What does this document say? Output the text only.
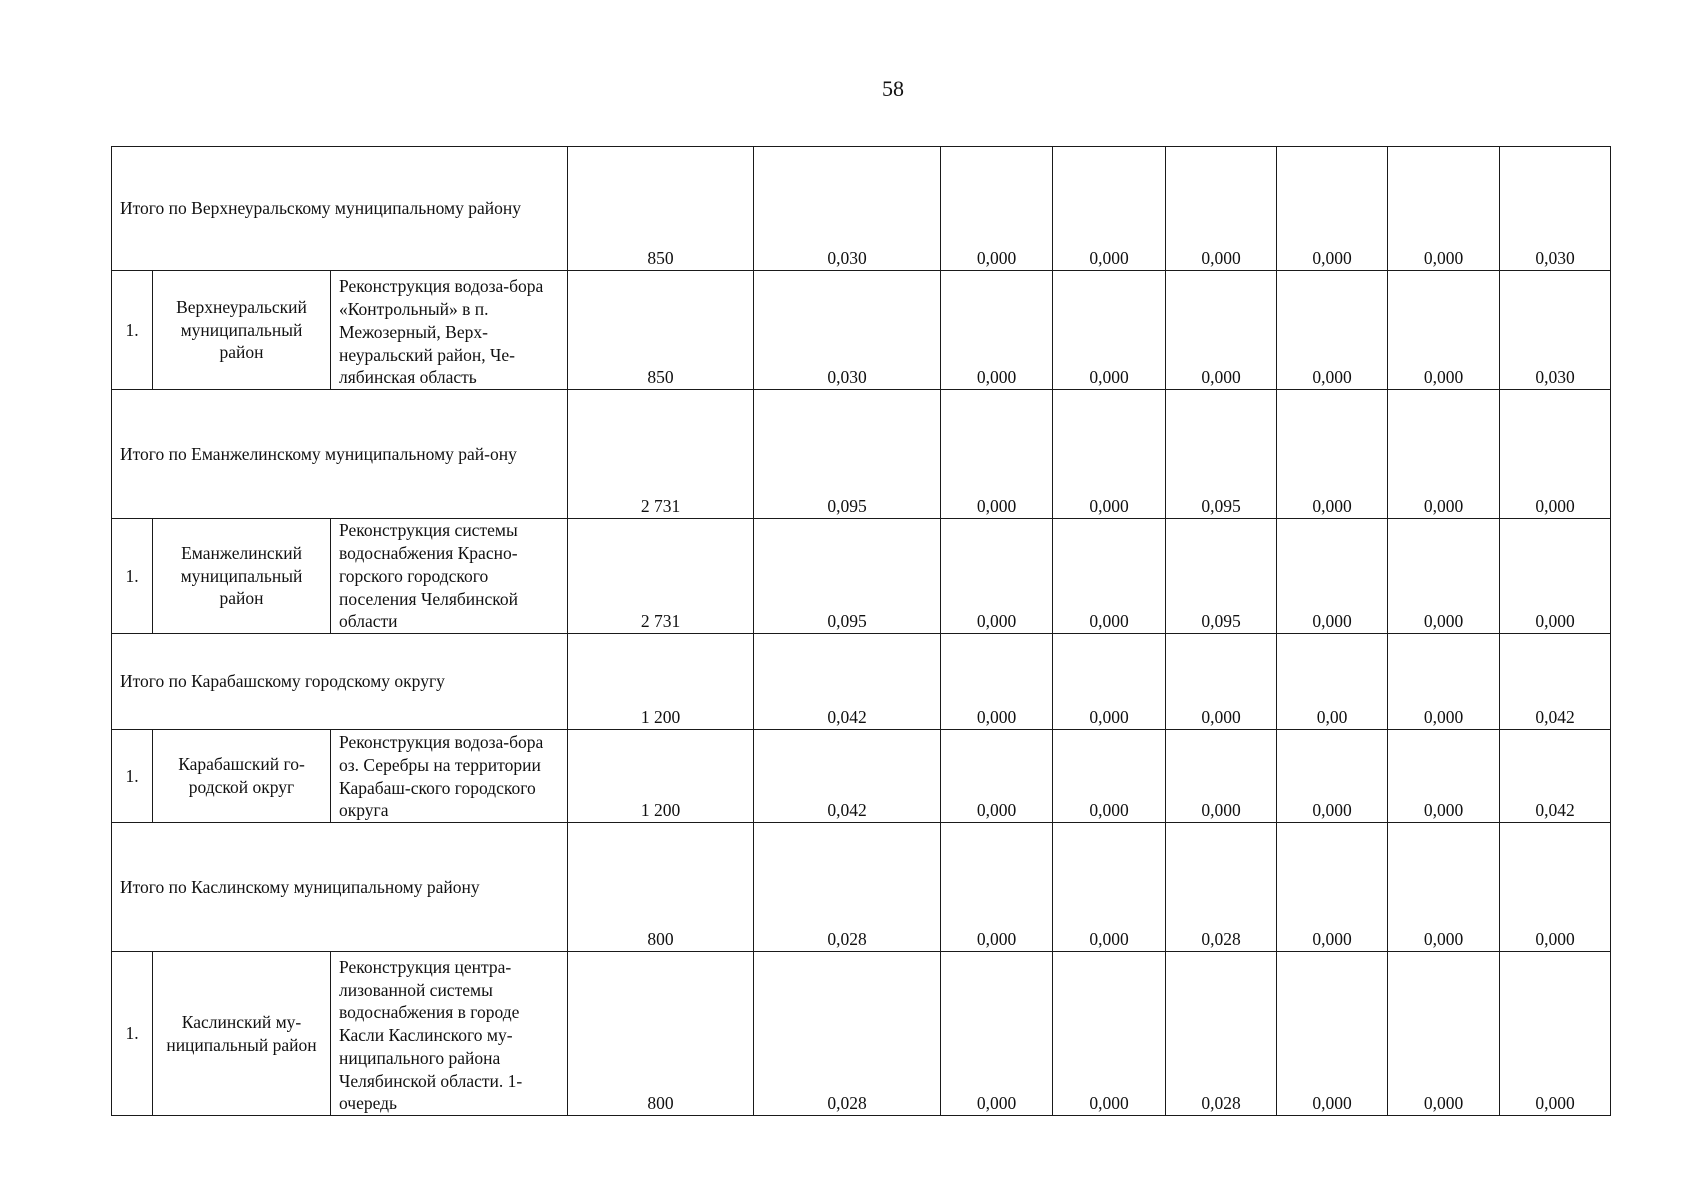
58
Итого по Верхнеуральскому муниципальному району			850	0,030	0,000	0,000	0,000	0,000	0,000	0,030
1.	Верхнеуральский муниципальный район	Реконструкция водоза-бора «Контрольный» в п. Межозерный, Верх-неуральский район, Че-лябинская область	850	0,030	0,000	0,000	0,000	0,000	0,000	0,030
Итого по Еманжелинскому муниципальному рай-ону			2 731	0,095	0,000	0,000	0,095	0,000	0,000	0,000
1.	Еманжелинский муниципальный район	Реконструкция системы водоснабжения Красно-горского городского поселения Челябинской области	2 731	0,095	0,000	0,000	0,095	0,000	0,000	0,000
Итого по Карабашскому городскому округу			1 200	0,042	0,000	0,000	0,000	0,00	0,000	0,042
1.	Карабашский го-родской округ	Реконструкция водоза-бора оз. Серебры на территории Карабаш-ского городского округа	1 200	0,042	0,000	0,000	0,000	0,000	0,000	0,042
Итого по Каслинскому муниципальному району			800	0,028	0,000	0,000	0,028	0,000	0,000	0,000
1.	Каслинский му-ниципальный район	Реконструкция центра-лизованной системы водоснабжения в городе Касли Каслинского му-ниципального района Челябинской области. 1-очередь	800	0,028	0,000	0,000	0,028	0,000	0,000	0,000
